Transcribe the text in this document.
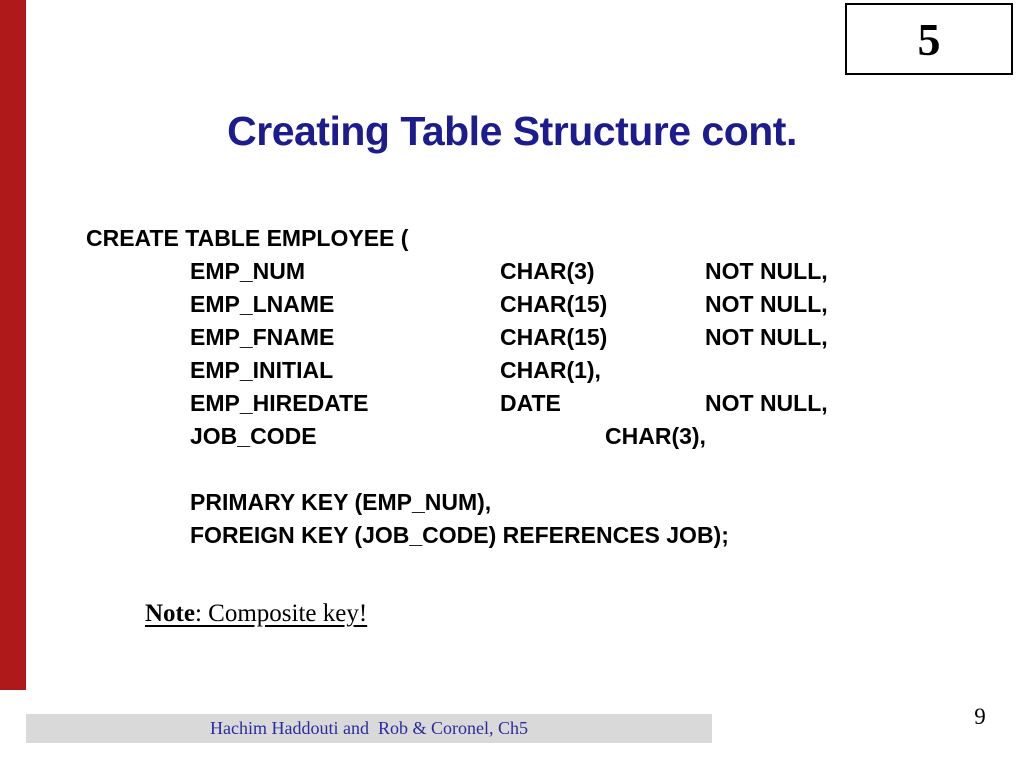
5
Creating Table Structure cont.
CREATE TABLE EMPLOYEE (
EMP_NUM	CHAR(3)	NOT NULL,
EMP_LNAME	CHAR(15)	NOT NULL,
EMP_FNAME	CHAR(15)	NOT NULL,
EMP_INITIAL	CHAR(1),
EMP_HIREDATE	DATE	NOT NULL,
JOB_CODE	CHAR(3),
PRIMARY KEY (EMP_NUM),
FOREIGN KEY (JOB_CODE) REFERENCES JOB);
Note: Composite key!
Hachim Haddouti and  Rob & Coronel, Ch5	9
